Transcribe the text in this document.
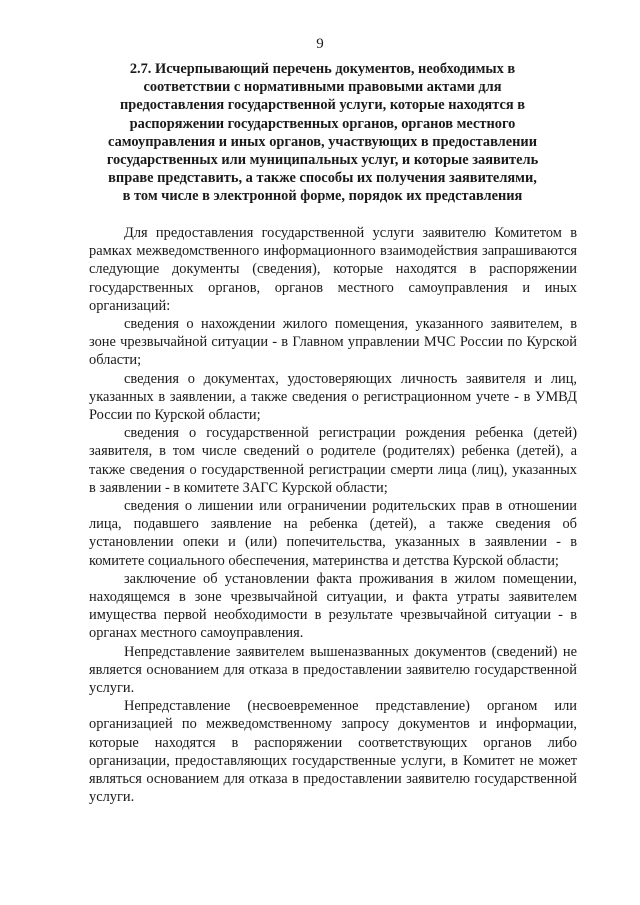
9
2.7. Исчерпывающий перечень документов, необходимых в
соответствии с нормативными правовыми актами для
предоставления государственной услуги, которые находятся в
распоряжении государственных органов, органов местного
самоуправления и иных органов, участвующих в предоставлении
государственных или муниципальных услуг, и которые заявитель
вправе представить, а также способы их получения заявителями,
в том числе в электронной форме, порядок их представления

Для предоставления государственной услуги заявителю Комитетом в рамках межведомственного информационного взаимодействия запрашиваются следующие документы (сведения), которые находятся в распоряжении государственных органов, органов местного самоуправления и иных организаций:

сведения о нахождении жилого помещения, указанного заявителем, в зоне чрезвычайной ситуации - в Главном управлении МЧС России по Курской области;

сведения о документах, удостоверяющих личность заявителя и лиц, указанных в заявлении, а также сведения о регистрационном учете - в УМВД России по Курской области;

сведения о государственной регистрации рождения ребенка (детей) заявителя, в том числе сведений о родителе (родителях) ребенка (детей), а также сведения о государственной регистрации смерти лица (лиц), указанных в заявлении - в комитете ЗАГС Курской области;

сведения о лишении или ограничении родительских прав в отношении лица, подавшего заявление на ребенка (детей), а также сведения об установлении опеки и (или) попечительства, указанных в заявлении - в комитете социального обеспечения, материнства и детства Курской области;

заключение об установлении факта проживания в жилом помещении, находящемся в зоне чрезвычайной ситуации, и факта утраты заявителем имущества первой необходимости в результате чрезвычайной ситуации - в органах местного самоуправления.

Непредставление заявителем вышеназванных документов (сведений) не является основанием для отказа в предоставлении заявителю государственной услуги.

Непредставление (несвоевременное представление) органом или организацией по межведомственному запросу документов и информации, которые находятся в распоряжении соответствующих органов либо организации, предоставляющих государственные услуги, в Комитет не может являться основанием для отказа в предоставлении заявителю государственной услуги.
